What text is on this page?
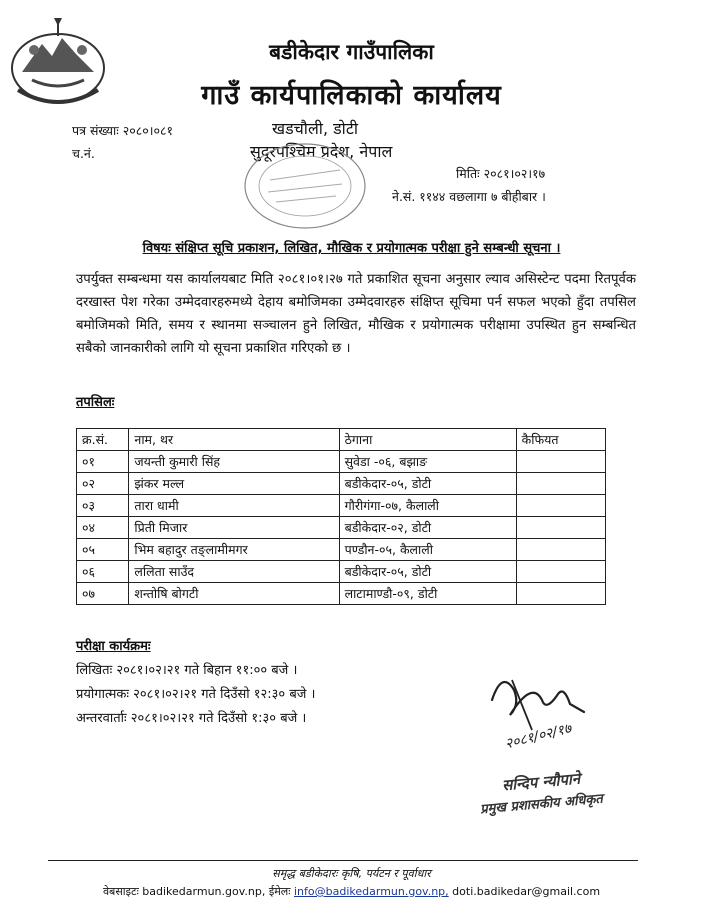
बडीकेदार गाउँपालिका
गाउँ कार्यपालिकाको कार्यालय
पत्र संख्याः २०८०।०८१
च.नं.
खडचौली, डोटी
सुदूरपश्चिम प्रदेश, नेपाल
मितिः २०८१।०२।१७
ने.सं. ११४४ वछलागा ७ बीहीबार ।
विषयः संक्षिप्त सूचि प्रकाशन, लिखित, मौखिक र प्रयोगात्मक परीक्षा हुने सम्बन्धी सूचना ।
उपर्युक्त सम्बन्धमा यस कार्यालयबाट मिति २०८१।०१।२७ गते प्रकाशित सूचना अनुसार ल्याव असिस्टेन्ट पदमा रितपूर्वक दरखास्त पेश गरेका उम्मेदवारहरुमध्ये देहाय बमोजिमका उम्मेदवारहरु संक्षिप्त सूचिमा पर्न सफल भएको हुँदा तपसिल बमोजिमको मिति, समय र स्थानमा सञ्चालन हुने लिखित, मौखिक र प्रयोगात्मक परीक्षामा उपस्थित हुन सम्बन्धित सबैको जानकारीको लागि यो सूचना प्रकाशित गरिएको छ ।
तपसिलः
क्र.सं.	नाम, थर	ठेगाना	कैफियत
०१	जयन्ती कुमारी सिंह	सुवेडा -०६, बझाङ	
०२	झंकर मल्ल	बडीकेदार-०५, डोटी	
०३	तारा धामी	गौरीगंगा-०७, कैलाली	
०४	प्रिती मिजार	बडीकेदार-०२, डोटी	
०५	भिम बहादुर तङ्लामीमगर	पण्डौन-०५, कैलाली	
०६	ललिता साउँद	बडीकेदार-०५, डोटी	
०७	शन्तोषि बोगटी	लाटामाण्डौ-०९, डोटी	
परीक्षा कार्यक्रमः
लिखितः २०८१।०२।२१ गते बिहान ११:०० बजे ।
प्रयोगात्मकः २०८१।०२।२१ गते दिउँसो १२:३० बजे ।
अन्तरवार्ताः २०८१।०२।२१ गते दिउँसो १:३० बजे ।
२०८१/०२/१७
सन्दिप न्यौपाने
प्रमुख प्रशासकीय अधिकृत
समृद्ध बडीकेदारः कृषि, पर्यटन र पूर्वाधार
वेबसाइटः badikedarmun.gov.np, ईमेलः info@badikedarmun.gov.np, doti.badikedar@gmail.com
